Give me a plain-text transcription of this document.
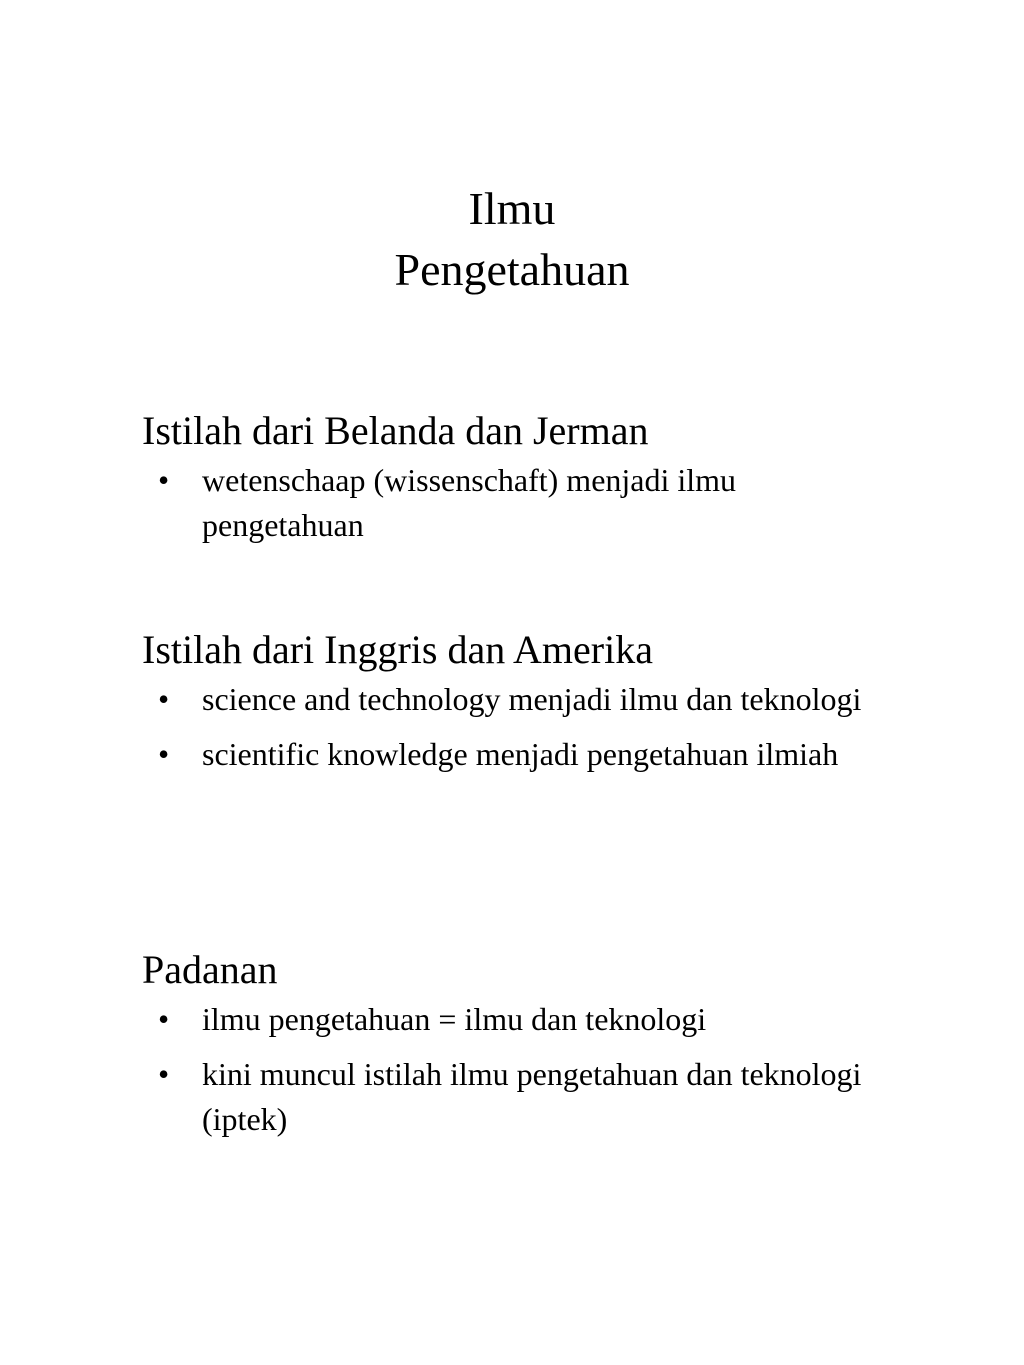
Ilmu
Pengetahuan
Istilah dari Belanda dan Jerman
• wetenschaap (wissenschaft) menjadi ilmu pengetahuan
Istilah dari Inggris dan Amerika
• science and technology menjadi ilmu dan teknologi
• scientific knowledge menjadi pengetahuan ilmiah
Padanan
• ilmu pengetahuan = ilmu dan teknologi
• kini muncul istilah ilmu pengetahuan dan teknologi (iptek)
